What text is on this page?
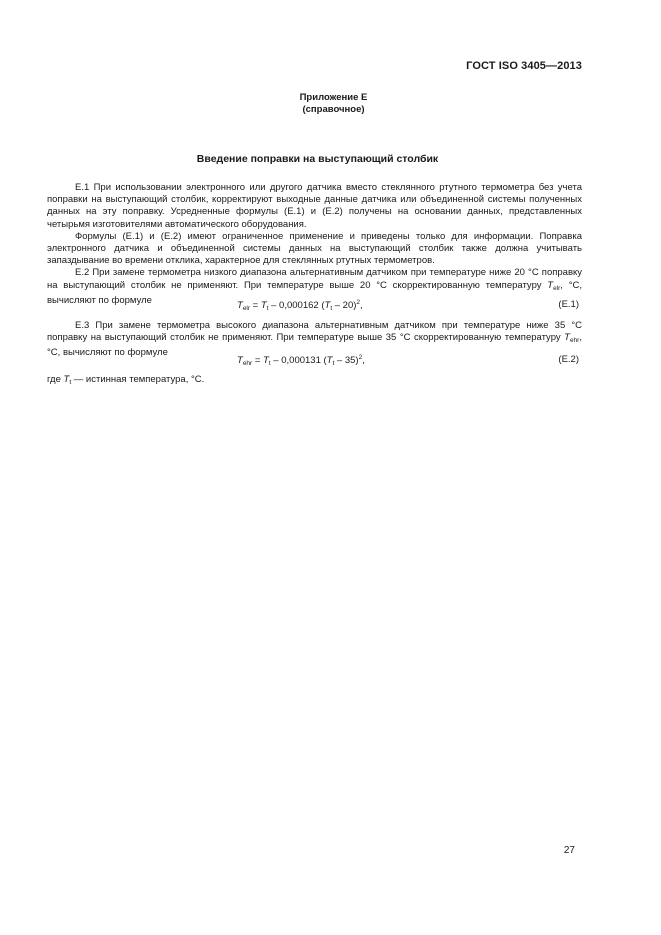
ГОСТ ISO 3405—2013
Приложение Е
(справочное)
Введение поправки на выступающий столбик

Е.1 При использовании электронного или другого датчика вместо стеклянного ртутного термометра без учета поправки на выступающий столбик, корректируют выходные данные датчика или объединенной системы полученных данных на эту поправку. Усредненные формулы (Е.1) и (Е.2) получены на основании данных, представленных четырьмя изготовителями автоматического оборудования.

Формулы (Е.1) и (Е.2) имеют ограниченное применение и приведены только для информации. Поправка электронного датчика и объединенной системы данных на выступающий столбик также должна учитывать запаздывание во времени отклика, характерное для стеклянных ртутных термометров.

Е.2 При замене термометра низкого диапазона альтернативным датчиком при температуре ниже 20 °С поправку на выступающий столбик не применяют. При температуре выше 20 °С скорректированную температуру $T_{elr}$, °С, вычисляют по формуле	$T_{elr} = T_t - 0,000162$ $(T_t - 20)^2$,	(Е.1)

Е.3 При замене термометра высокого диапазона альтернативным датчиком при температуре ниже 35 °С поправку на выступающий столбик не применяют. При температуре выше 35 °С скорректированную температуру $T_{ehr}$, °С, вычисляют по формуле

$T_{ehr} = T_t - 0,000131$ $(T_t - 35)^2$,	(Е.2)

где $T_t$ — истинная температура, °С.

27
